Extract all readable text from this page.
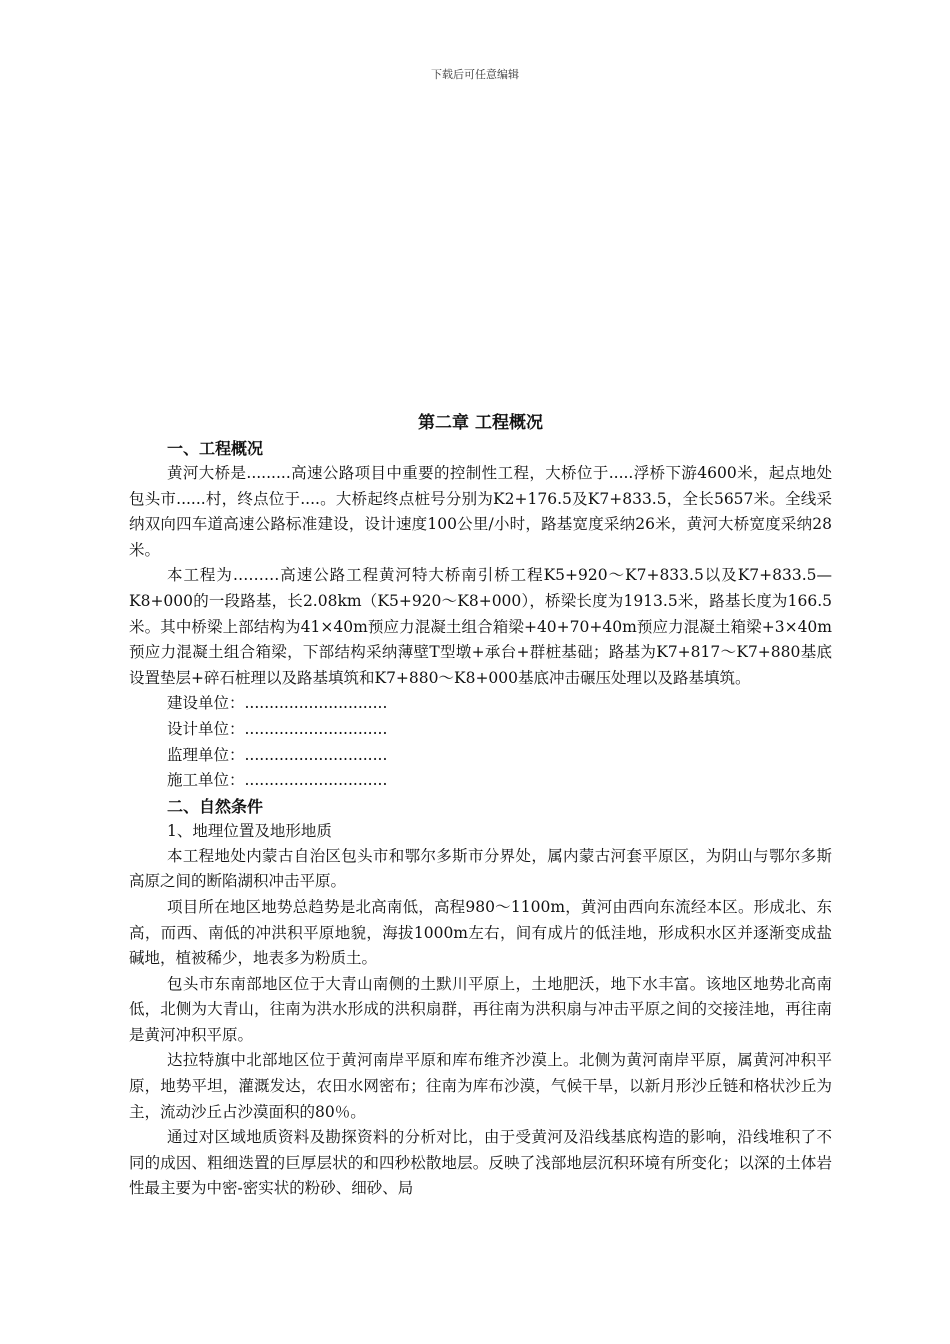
下载后可任意编辑
第二章 工程概况
一、工程概况

黄河大桥是.........高速公路项目中重要的控制性工程，大桥位于.....浮桥下游4600米，起点地处包头市......村，终点位于....。大桥起终点桩号分别为K2+176.5及K7+833.5，全长5657米。全线采纳双向四车道高速公路标准建设，设计速度100公里/小时，路基宽度采纳26米，黄河大桥宽度采纳28米。

本工程为………高速公路工程黄河特大桥南引桥工程K5+920～K7+833.5以及K7+833.5—K8+000的一段路基，长2.08km（K5+920～K8+000），桥梁长度为1913.5米，路基长度为166.5米。其中桥梁上部结构为41×40m预应力混凝土组合箱梁+40+70+40m预应力混凝土箱梁+3×40m预应力混凝土组合箱梁，下部结构采纳薄壁T型墩+承台+群桩基础；路基为K7+817～K7+880基底设置垫层+碎石桩理以及路基填筑和K7+880～K8+000基底冲击碾压处理以及路基填筑。

建设单位：.............................
设计单位：.............................
监理单位：.............................
施工单位：.............................
二、自然条件
1、地理位置及地形地质

本工程地处内蒙古自治区包头市和鄂尔多斯市分界处，属内蒙古河套平原区，为阴山与鄂尔多斯高原之间的断陷湖积冲击平原。

项目所在地区地势总趋势是北高南低，高程980～1100m，黄河由西向东流经本区。形成北、东高，而西、南低的冲洪积平原地貌，海拔1000m左右，间有成片的低洼地，形成积水区并逐渐变成盐碱地，植被稀少，地表多为粉质土。

包头市东南部地区位于大青山南侧的土默川平原上，土地肥沃，地下水丰富。该地区地势北高南低，北侧为大青山，往南为洪水形成的洪积扇群，再往南为洪积扇与冲击平原之间的交接洼地，再往南是黄河冲积平原。

达拉特旗中北部地区位于黄河南岸平原和库布维齐沙漠上。北侧为黄河南岸平原，属黄河冲积平原，地势平坦，灌溉发达，农田水网密布；往南为库布沙漠，气候干旱，以新月形沙丘链和格状沙丘为主，流动沙丘占沙漠面积的80％。

通过对区域地质资料及勘探资料的分析对比，由于受黄河及沿线基底构造的影响，沿线堆积了不同的成因、粗细迭置的巨厚层状的和四秒松散地层。反映了浅部地层沉积环境有所变化；以深的土体岩性最主要为中密-密实状的粉砂、细砂、局
